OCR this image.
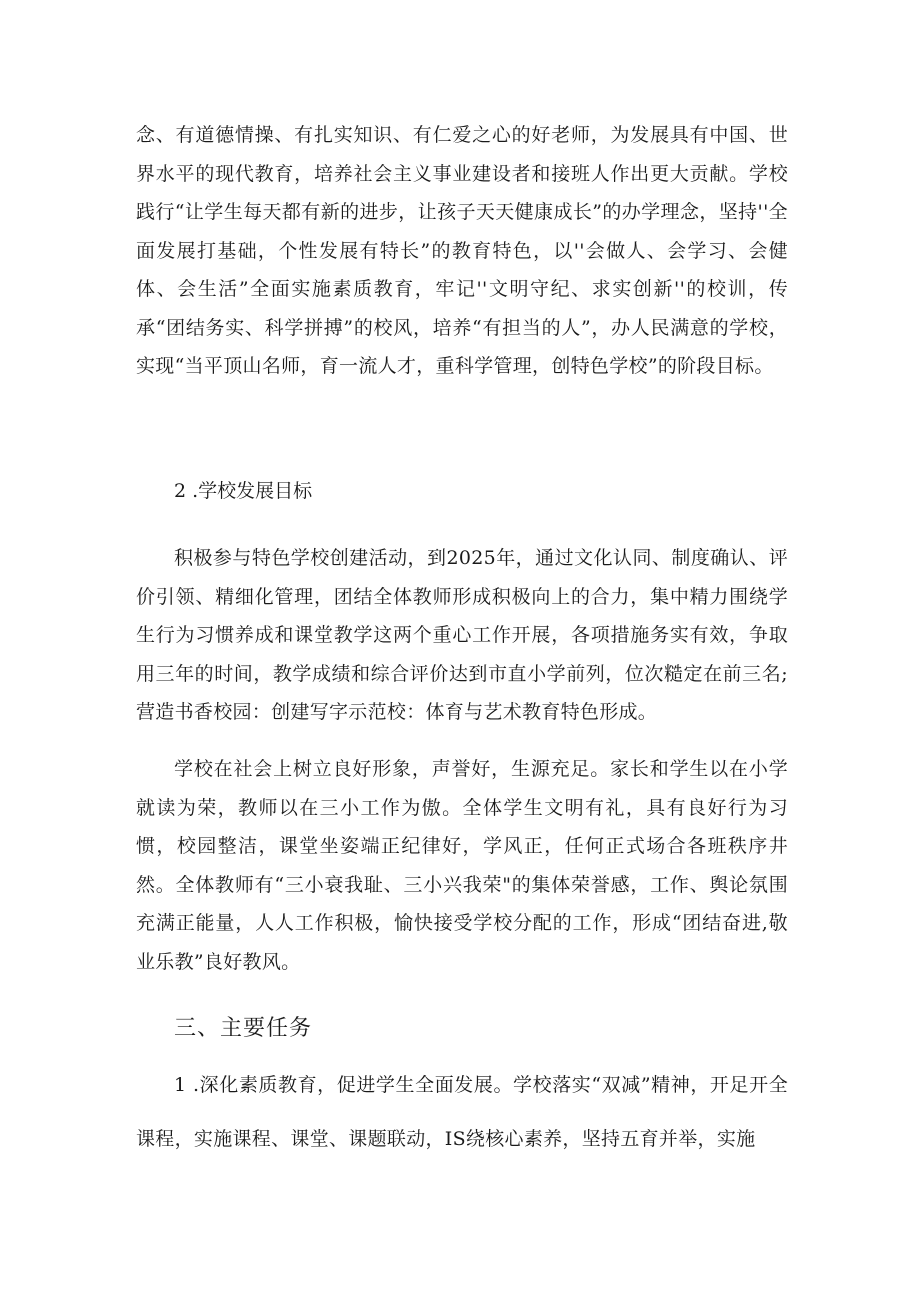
念、有道德情操、有扎实知识、有仁爱之心的好老师，为发展具有中国、世界水平的现代教育，培养社会主义事业建设者和接班人作出更大贡献。学校践行“让学生每天都有新的进步，让孩子天天健康成长”的办学理念，坚持''全面发展打基础，个性发展有特长”的教育特色，以''会做人、会学习、会健体、会生活”全面实施素质教育，牢记''文明守纪、求实创新''的校训，传承“团结务实、科学拼搏”的校风，培养“有担当的人”，办人民满意的学校，实现“当平顶山名师，育一流人才，重科学管理，创特色学校”的阶段目标。

2 .学校发展目标

积极参与特色学校创建活动，到2025年，通过文化认同、制度确认、评价引领、精细化管理，团结全体教师形成积极向上的合力，集中精力围绕学生行为习惯养成和课堂教学这两个重心工作开展，各项措施务实有效，争取用三年的时间，教学成绩和综合评价达到市直小学前列，位次糙定在前三名;营造书香校园：创建写字示范校：体育与艺术教育特色形成。

学校在社会上树立良好形象，声誉好，生源充足。家长和学生以在小学就读为荣，教师以在三小工作为傲。全体学生文明有礼，具有良好行为习惯，校园整洁，课堂坐姿端正纪律好，学风正，任何正式场合各班秩序井然。全体教师有“三小衰我耻、三小兴我荣"的集体荣誉感，工作、舆论氛围充满正能量，人人工作积极，愉快接受学校分配的工作，形成“团结奋进,敬业乐教”良好教风。

三、主要任务

1 .深化素质教育，促进学生全面发展。学校落实“双减”精神，开足开全课程，实施课程、课堂、课题联动，IS绕核心素养，坚持五育并举，实施
